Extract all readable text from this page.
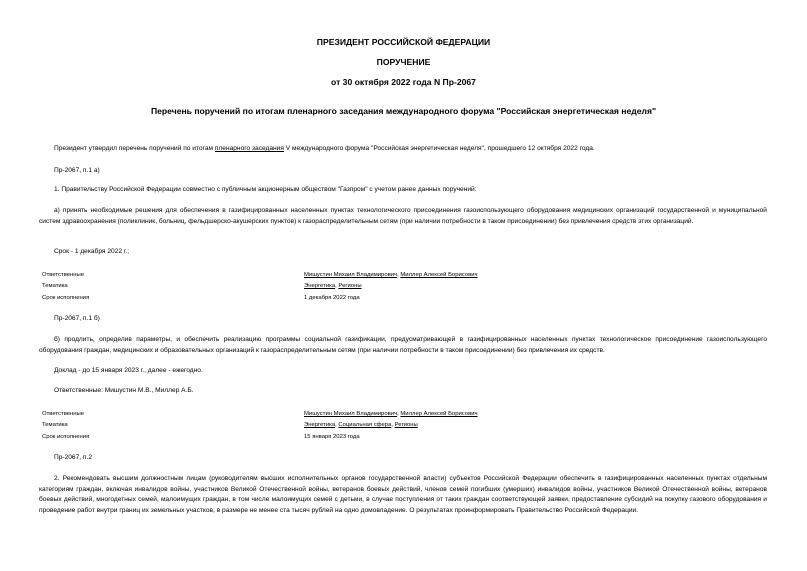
ПРЕЗИДЕНТ РОССИЙСКОЙ ФЕДЕРАЦИИ
ПОРУЧЕНИЕ
от 30 октября 2022 года N Пр-2067
Перечень поручений по итогам пленарного заседания международного форума "Российская энергетическая неделя"
Президент утвердил перечень поручений по итогам пленарного заседания V международного форума "Российская энергетическая неделя", прошедшего 12 октября 2022 года.
Пр-2067, п.1 а)
1. Правительству Российской Федерации совместно с публичным акционерным обществом "Газпром" с учетом ранее данных поручений:
а) принять необходимые решения для обеспечения в газифицированных населенных пунктах технологического присоединения газоиспользующего оборудования медицинских организаций государственной и муниципальной систем здравоохранения (поликлиник, больниц, фельдшерско-акушерских пунктов) к газораспределительным сетям (при наличии потребности в таком присоединении) без привлечения средств этих организаций.
Срок - 1 декабря 2022 г.;
Ответственные	Мишустин Михаил Владимирович, Миллер Алексей Борисович
Тематика	Энергетика, Регионы
Срок исполнения	1 декабря 2022 года
Пр-2067, п.1 б)
б) продлить, определив параметры, и обеспечить реализацию программы социальной газификации, предусматривающей в газифицированных населенных пунктах технологическое присоединение газоиспользующего оборудования граждан, медицинских и образовательных организаций к газораспределительным сетям (при наличии потребности в таком присоединении) без привлечения их средств.
Доклад - до 15 января 2023 г., далее - ежегодно.
Ответственные: Мишустин М.В., Миллер А.Б.
Ответственные	Мишустин Михаил Владимирович, Миллер Алексей Борисович
Тематика	Энергетика, Социальная сфера, Регионы
Срок исполнения	15 января 2023 года
Пр-2067, п.2
2. Рекомендовать высшим должностным лицам (руководителям высших исполнительных органов государственной власти) субъектов Российской Федерации обеспечить в газифицированных населенных пунктах отдельным категориям граждан, включая инвалидов войны, участников Великой Отечественной войны, ветеранов боевых действий, членов семей погибших (умерших) инвалидов войны, участников Великой Отечественной войны, ветеранов боевых действий, многодетных семей, малоимущих граждан, в том числе малоимущих семей с детьми, в случае поступления от таких граждан соответствующей заявки, предоставление субсидий на покупку газового оборудования и проведение работ внутри границ их земельных участков, в размере не менее ста тысяч рублей на одно домовладение. О результатах проинформировать Правительство Российской Федерации.
